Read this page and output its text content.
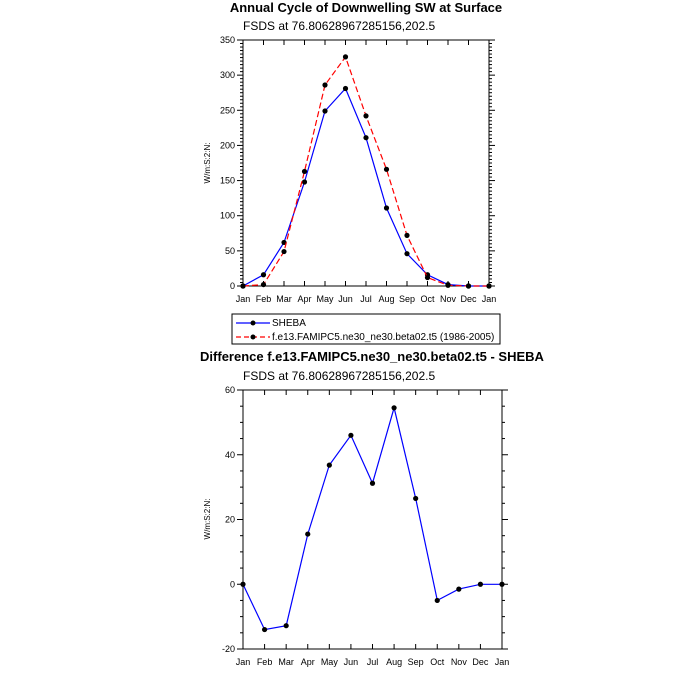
Annual Cycle of Downwelling SW at Surface
FSDS at 76.80628967285156,202.5
W/m:S:2:N:
Jan Feb Mar Apr May Jun Jul Aug Sep Oct Nov Dec Jan
0
50
100
150
200
250
300
350
SHEBA
f.e13.FAMIPC5.ne30_ne30.beta02.t5 (1986-2005)
Difference f.e13.FAMIPC5.ne30_ne30.beta02.t5 - SHEBA
FSDS at 76.80628967285156,202.5
W/m:S:2:N:
Jan Feb Mar Apr May Jun Jul Aug Sep Oct Nov Dec Jan
-20
0
20
40
60
